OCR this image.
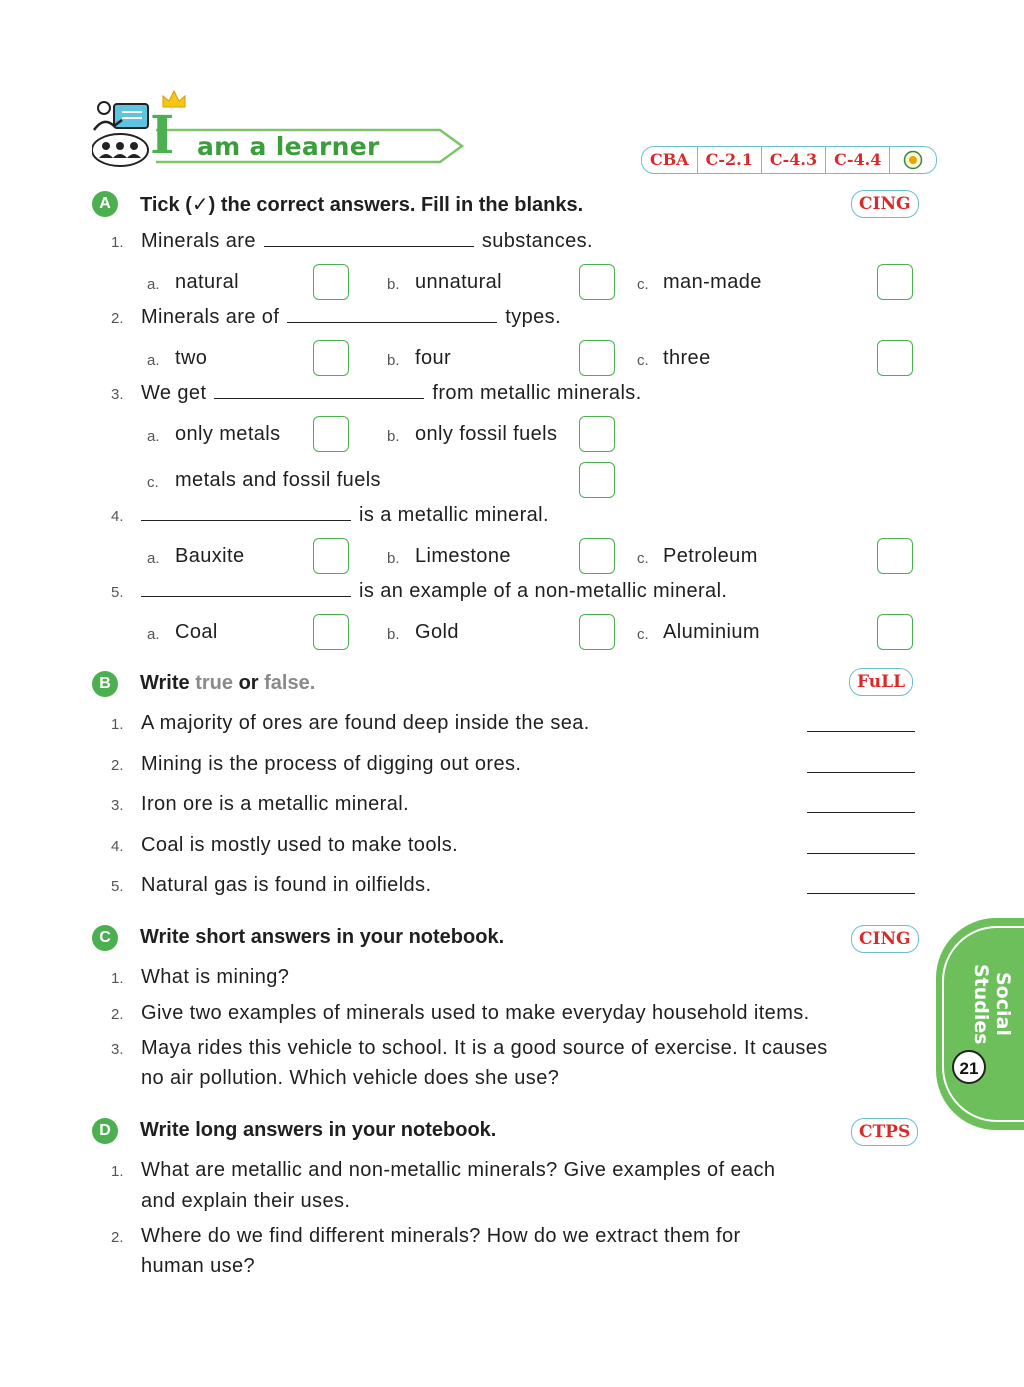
I am a learner	CBA	C-2.1	C-4.3	C-4.4
A	Tick (✓) the correct answers. Fill in the blanks.	CING
1. Minerals are	substances.
a. natural	b. unnatural	c. man-made
2. Minerals are of	types.
a. two	b. four	c. three
3. We get	from metallic minerals.
a. only metals	b. only fossil fuels
c. metals and fossil fuels
4.	is a metallic mineral.
a. Bauxite	b. Limestone	c. Petroleum
5.	is an example of a non-metallic mineral.
a. Coal	b. Gold	c. Aluminium
B	Write true or false.	FuLL
1. A majority of ores are found deep inside the sea.
2. Mining is the process of digging out ores.
3. Iron ore is a metallic mineral.
4. Coal is mostly used to make tools.
5. Natural gas is found in oilfields.
C	Write short answers in your notebook.	CING
1. What is mining?
2. Give two examples of minerals used to make everyday household items.
3. Maya rides this vehicle to school. It is a good source of exercise. It causes
no air pollution. Which vehicle does she use?
D	Write long answers in your notebook.	CTPS
1. What are metallic and non-metallic minerals? Give examples of each
and explain their uses.
2. Where do we find different minerals? How do we extract them for
human use?
Social
Studies
21
